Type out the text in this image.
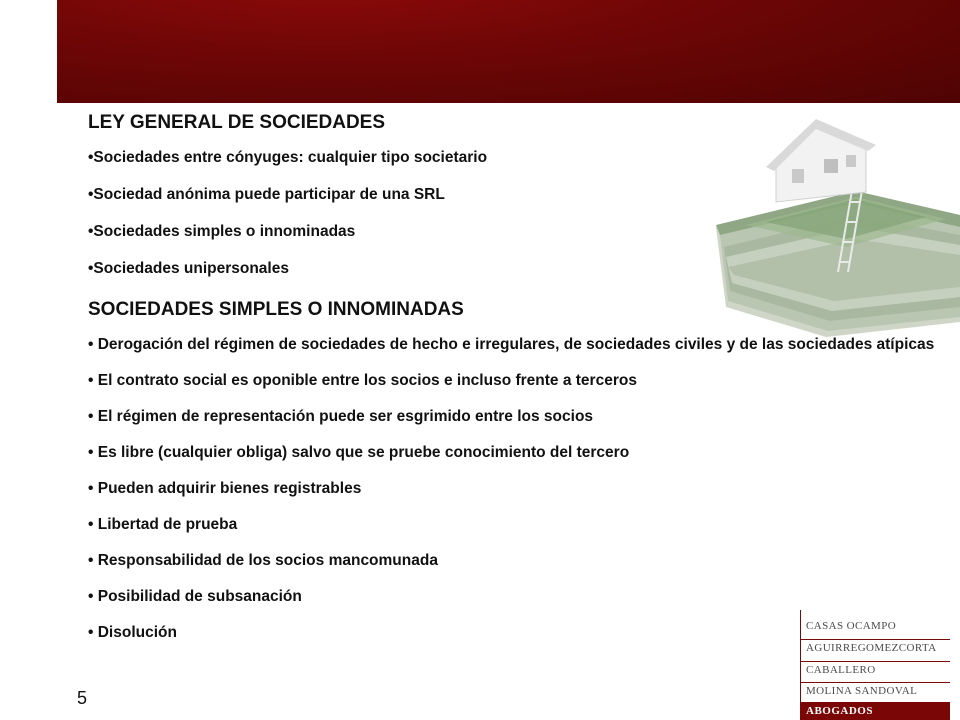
LEY GENERAL DE SOCIEDADES
•Sociedades entre cónyuges: cualquier tipo societario
•Sociedad anónima puede participar de una SRL
•Sociedades simples o innominadas
•Sociedades unipersonales
SOCIEDADES SIMPLES O INNOMINADAS
• Derogación del régimen de sociedades de hecho e irregulares, de sociedades civiles y de las sociedades atípicas
• El contrato social es oponible entre los socios e incluso frente a terceros
• El régimen de representación puede ser esgrimido entre los socios
• Es libre (cualquier obliga) salvo que se pruebe conocimiento del tercero
• Pueden adquirir bienes registrables
• Libertad de prueba
• Responsabilidad de los socios mancomunada
• Posibilidad de subsanación
• Disolución
5
CASAS OCAMPO
AGUIRREGOMEZCORTA
CABALLERO
MOLINA SANDOVAL
ABOGADOS
